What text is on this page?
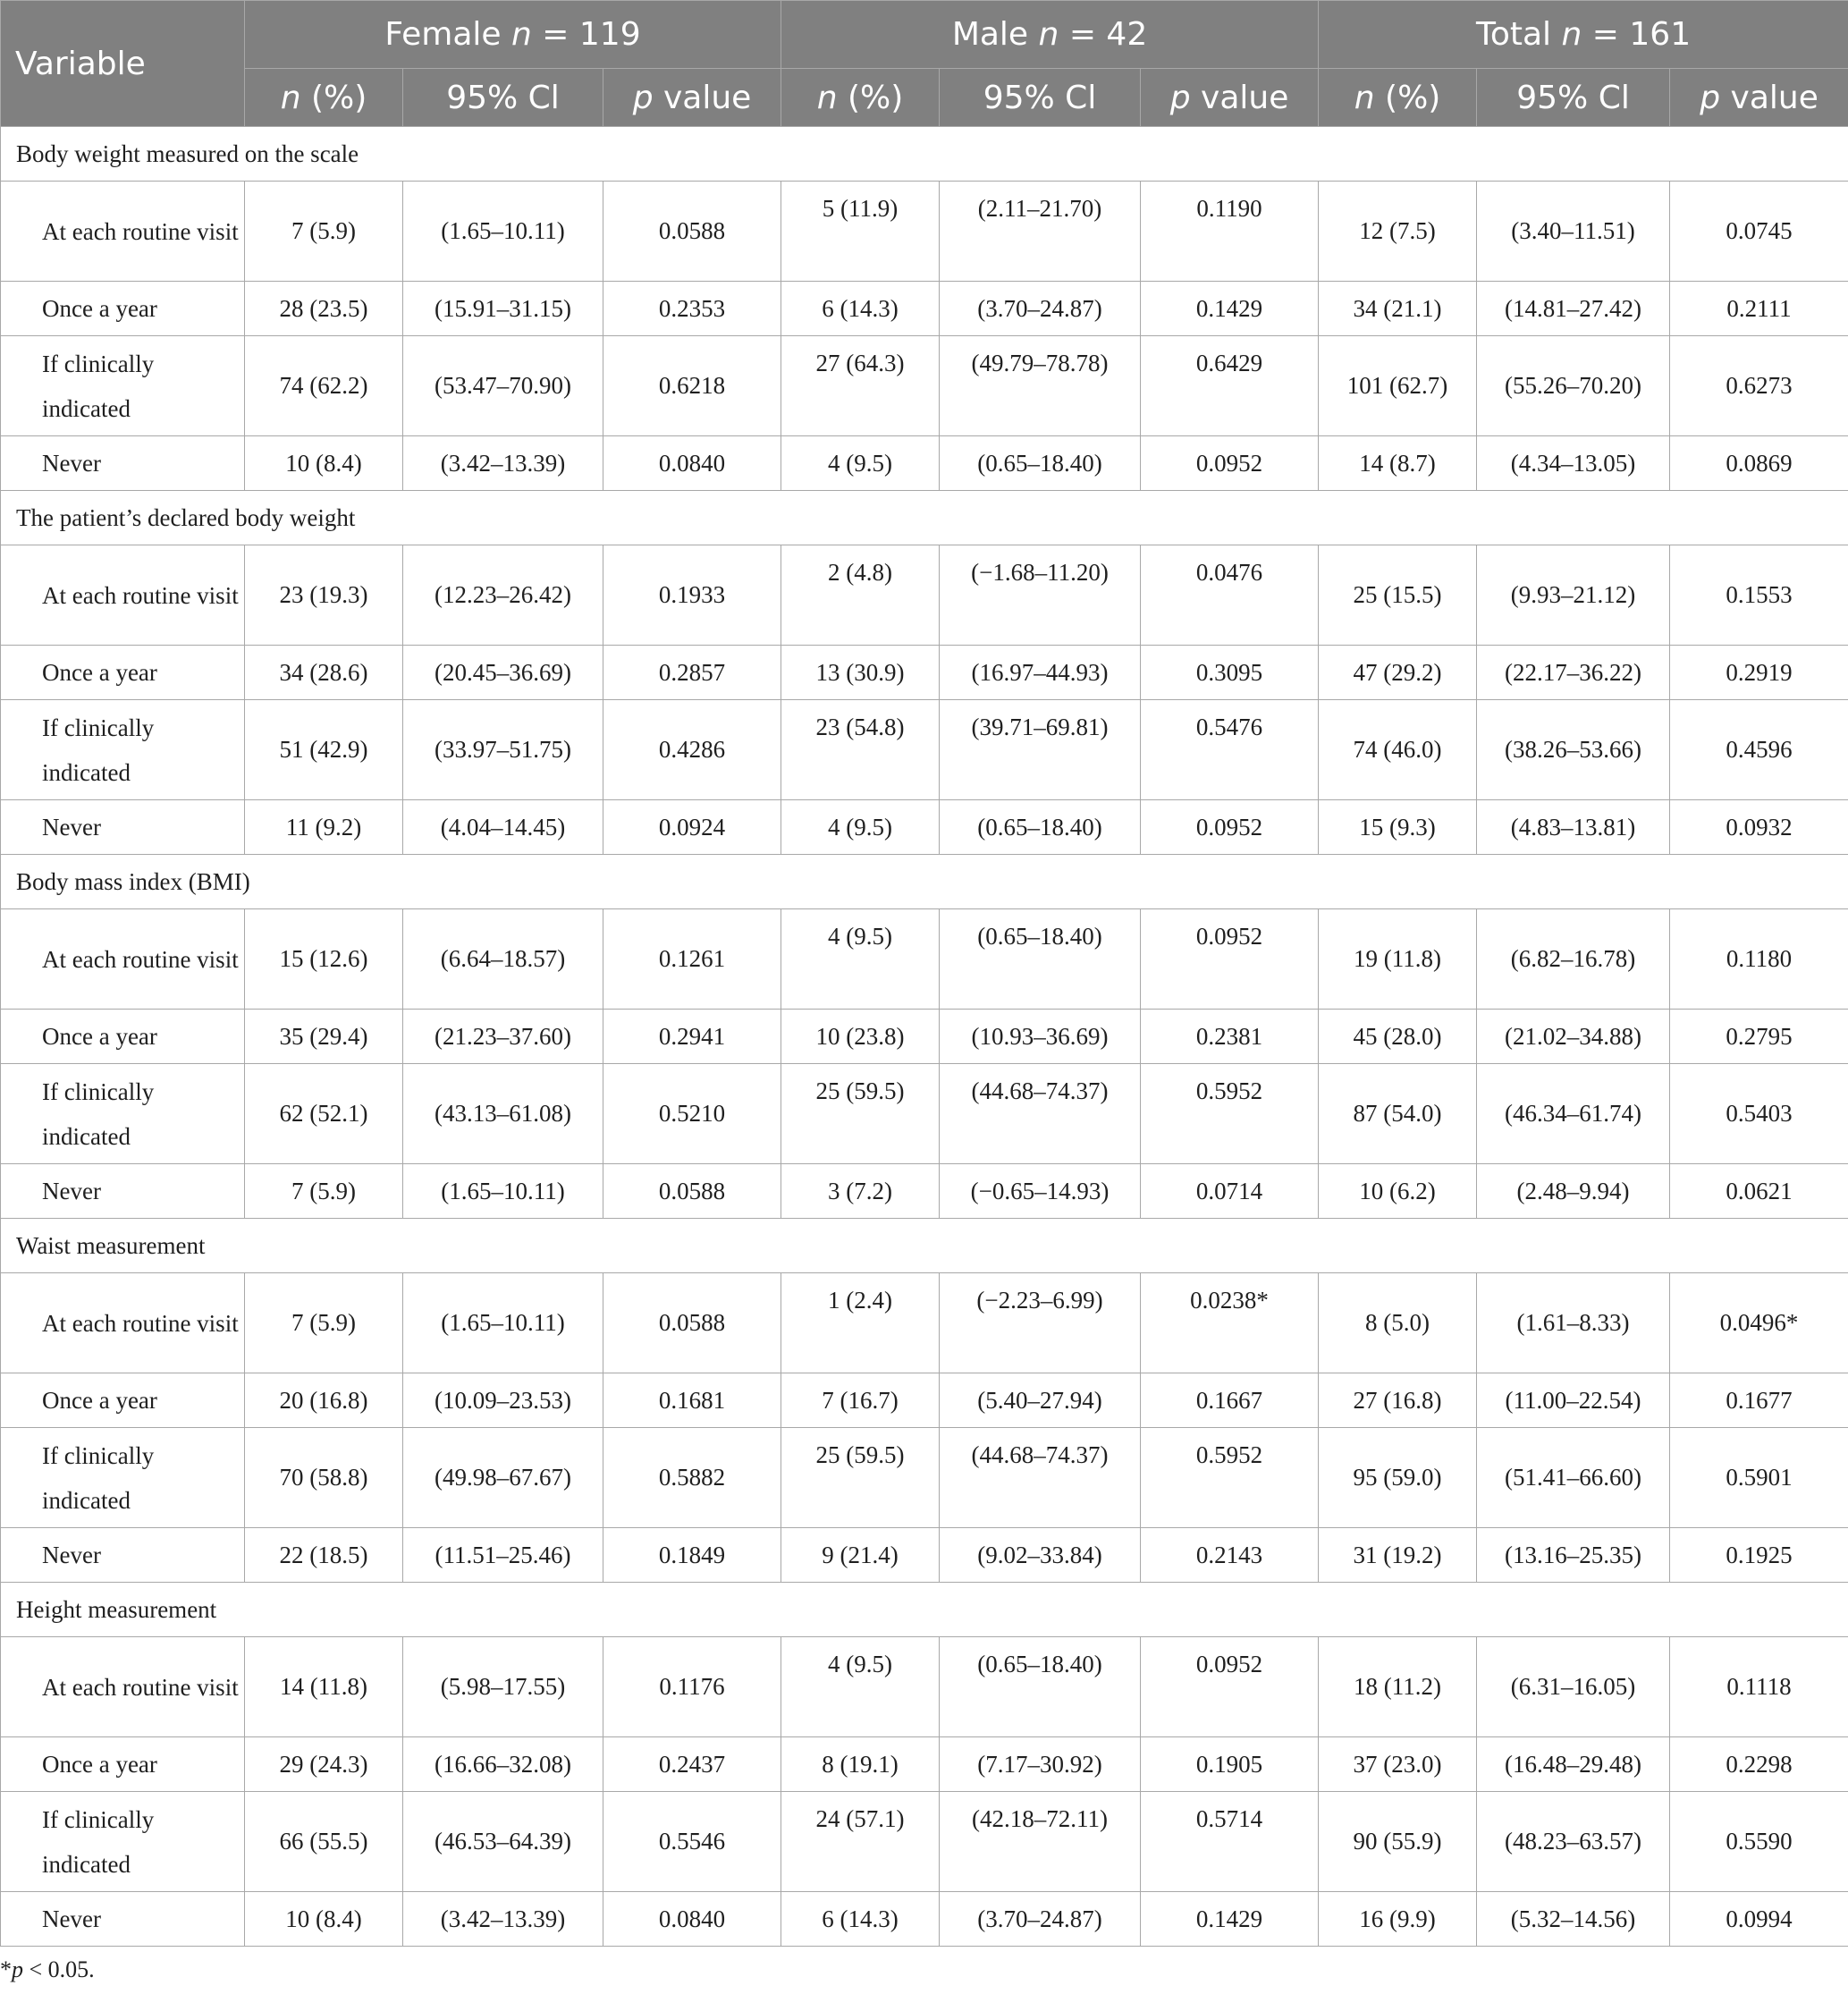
Variable	Female n = 119			Male n = 42			Total n = 161		
	n (%)	95% Cl	p value	n (%)	95% Cl	p value	n (%)	95% Cl	p value
Body weight measured on the scale									
At each routine visit	7 (5.9)	(1.65–10.11)	0.0588	5 (11.9)	(2.11–21.70)	0.1190	12 (7.5)	(3.40–11.51)	0.0745
Once a year	28 (23.5)	(15.91–31.15)	0.2353	6 (14.3)	(3.70–24.87)	0.1429	34 (21.1)	(14.81–27.42)	0.2111
If clinically indicated	74 (62.2)	(53.47–70.90)	0.6218	27 (64.3)	(49.79–78.78)	0.6429	101 (62.7)	(55.26–70.20)	0.6273
Never	10 (8.4)	(3.42–13.39)	0.0840	4 (9.5)	(0.65–18.40)	0.0952	14 (8.7)	(4.34–13.05)	0.0869
The patient’s declared body weight									
At each routine visit	23 (19.3)	(12.23–26.42)	0.1933	2 (4.8)	(−1.68–11.20)	0.0476	25 (15.5)	(9.93–21.12)	0.1553
Once a year	34 (28.6)	(20.45–36.69)	0.2857	13 (30.9)	(16.97–44.93)	0.3095	47 (29.2)	(22.17–36.22)	0.2919
If clinically indicated	51 (42.9)	(33.97–51.75)	0.4286	23 (54.8)	(39.71–69.81)	0.5476	74 (46.0)	(38.26–53.66)	0.4596
Never	11 (9.2)	(4.04–14.45)	0.0924	4 (9.5)	(0.65–18.40)	0.0952	15 (9.3)	(4.83–13.81)	0.0932
Body mass index (BMI)									
At each routine visit	15 (12.6)	(6.64–18.57)	0.1261	4 (9.5)	(0.65–18.40)	0.0952	19 (11.8)	(6.82–16.78)	0.1180
Once a year	35 (29.4)	(21.23–37.60)	0.2941	10 (23.8)	(10.93–36.69)	0.2381	45 (28.0)	(21.02–34.88)	0.2795
If clinically indicated	62 (52.1)	(43.13–61.08)	0.5210	25 (59.5)	(44.68–74.37)	0.5952	87 (54.0)	(46.34–61.74)	0.5403
Never	7 (5.9)	(1.65–10.11)	0.0588	3 (7.2)	(−0.65–14.93)	0.0714	10 (6.2)	(2.48–9.94)	0.0621
Waist measurement									
At each routine visit	7 (5.9)	(1.65–10.11)	0.0588	1 (2.4)	(−2.23–6.99)	0.0238*	8 (5.0)	(1.61–8.33)	0.0496*
Once a year	20 (16.8)	(10.09–23.53)	0.1681	7 (16.7)	(5.40–27.94)	0.1667	27 (16.8)	(11.00–22.54)	0.1677
If clinically indicated	70 (58.8)	(49.98–67.67)	0.5882	25 (59.5)	(44.68–74.37)	0.5952	95 (59.0)	(51.41–66.60)	0.5901
Never	22 (18.5)	(11.51–25.46)	0.1849	9 (21.4)	(9.02–33.84)	0.2143	31 (19.2)	(13.16–25.35)	0.1925
Height measurement									
At each routine visit	14 (11.8)	(5.98–17.55)	0.1176	4 (9.5)	(0.65–18.40)	0.0952	18 (11.2)	(6.31–16.05)	0.1118
Once a year	29 (24.3)	(16.66–32.08)	0.2437	8 (19.1)	(7.17–30.92)	0.1905	37 (23.0)	(16.48–29.48)	0.2298
If clinically indicated	66 (55.5)	(46.53–64.39)	0.5546	24 (57.1)	(42.18–72.11)	0.5714	90 (55.9)	(48.23–63.57)	0.5590
Never	10 (8.4)	(3.42–13.39)	0.0840	6 (14.3)	(3.70–24.87)	0.1429	16 (9.9)	(5.32–14.56)	0.0994
*p < 0.05.
